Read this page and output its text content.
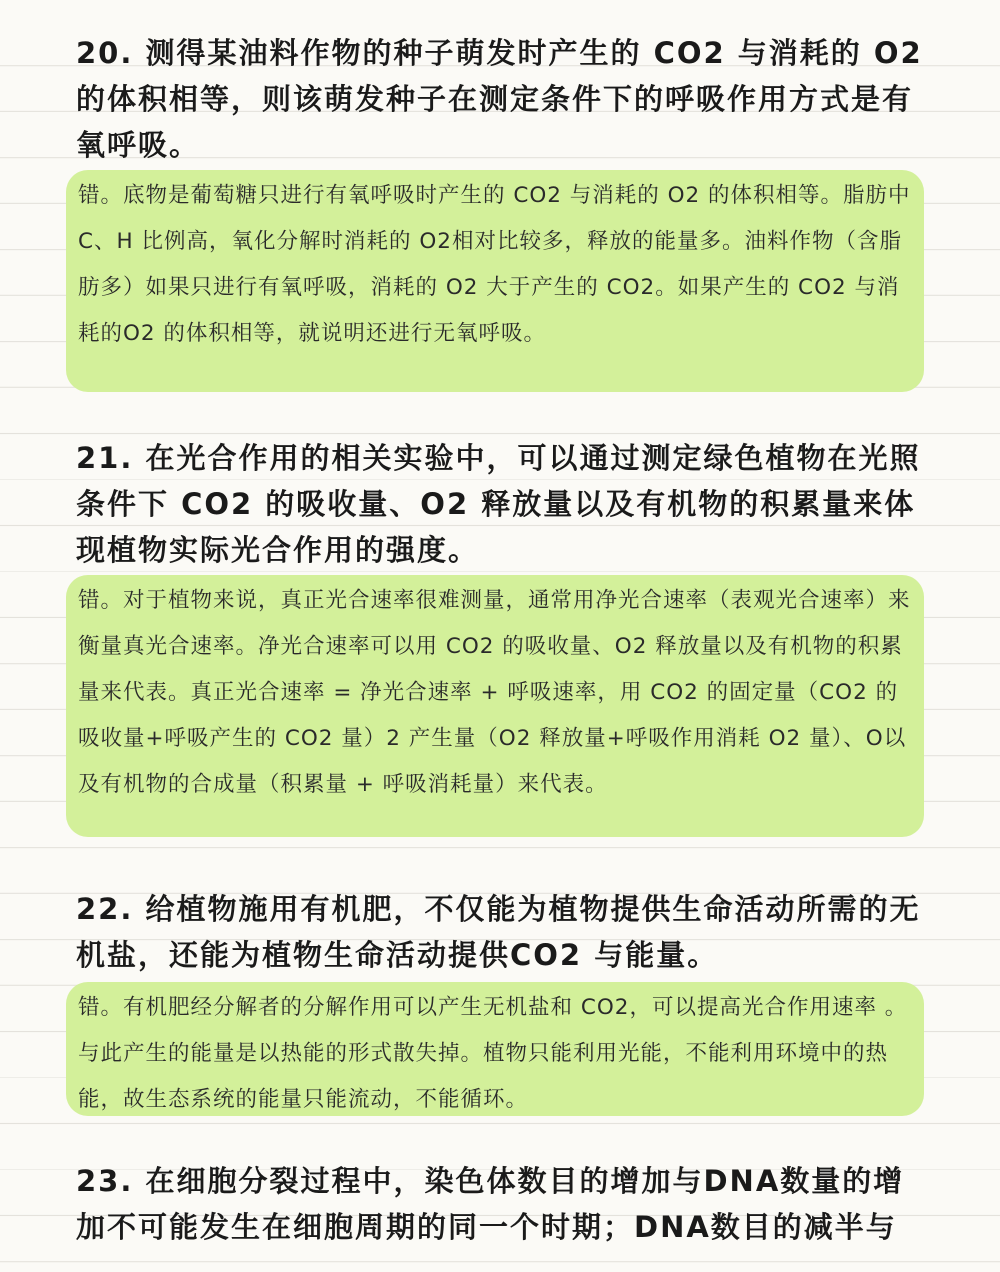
20. 测得某油料作物的种子萌发时产生的 CO2 与消耗的 O2 的体积相等，则该萌发种子在测定条件下的呼吸作用方式是有氧呼吸。
错。底物是葡萄糖只进行有氧呼吸时产生的 CO2 与消耗的 O2 的体积相等。脂肪中 C、H 比例高，氧化分解时消耗的 O2相对比较多，释放的能量多。油料作物（含脂肪多）如果只进行有氧呼吸，消耗的 O2 大于产生的 CO2。如果产生的 CO2 与消耗的O2 的体积相等，就说明还进行无氧呼吸。
21. 在光合作用的相关实验中，可以通过测定绿色植物在光照条件下 CO2 的吸收量、O2 释放量以及有机物的积累量来体现植物实际光合作用的强度。
错。对于植物来说，真正光合速率很难测量，通常用净光合速率（表观光合速率）来衡量真光合速率。净光合速率可以用 CO2 的吸收量、O2 释放量以及有机物的积累量来代表。真正光合速率 = 净光合速率 + 呼吸速率，用 CO2 的固定量（CO2 的吸收量+呼吸产生的 CO2 量）2 产生量（O2 释放量+呼吸作用消耗 O2 量）、O以及有机物的合成量（积累量 + 呼吸消耗量）来代表。
22. 给植物施用有机肥，不仅能为植物提供生命活动所需的无机盐，还能为植物生命活动提供CO2 与能量。
错。有机肥经分解者的分解作用可以产生无机盐和 CO2，可以提高光合作用速率 。与此产生的能量是以热能的形式散失掉。植物只能利用光能，不能利用环境中的热能，故生态系统的能量只能流动，不能循环。
23. 在细胞分裂过程中，染色体数目的增加与DNA数量的增加不可能发生在细胞周期的同一个时期；DNA数目的减半与
